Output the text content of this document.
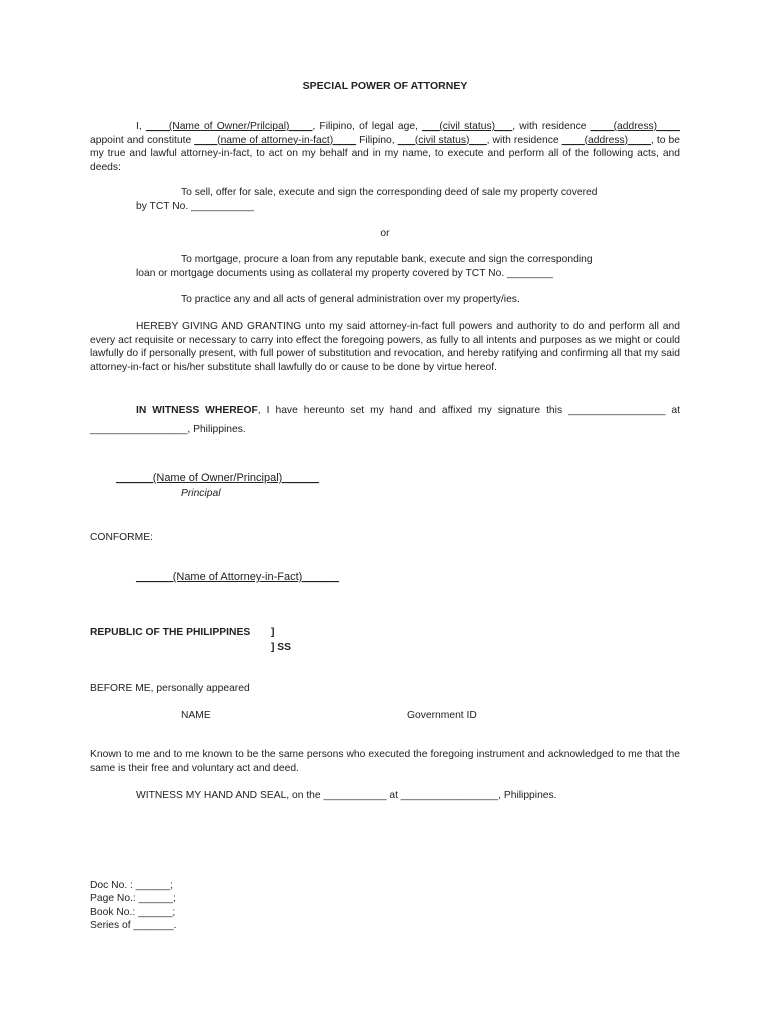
SPECIAL POWER OF ATTORNEY
I, ____(Name of Owner/Prilcipal)____, Filipino, of legal age, ___(civil status)___, with residence ____(address)____ appoint and constitute ____(name of attorney-in-fact)____ Filipino, ___(civil status)___, with residence ____(address)____, to be my true and lawful attorney-in-fact, to act on my behalf and in my name, to execute and perform all of the following acts, and deeds:
To sell, offer for sale, execute and sign the corresponding deed of sale my property covered
by TCT No. ___________
or
To mortgage, procure a loan from any reputable bank, execute and sign the corresponding
loan or mortgage documents using as collateral my property covered by TCT No. ________
To practice any and all acts of general administration over my property/ies.
HEREBY GIVING AND GRANTING unto my said attorney-in-fact full powers and authority to do and perform all and every act requisite or necessary to carry into effect the foregoing powers, as fully to all intents and purposes as we might or could lawfully do if personally present, with full power of substitution and revocation, and hereby ratifying and confirming all that my said attorney-in-fact or his/her substitute shall lawfully do or cause to be done by virtue hereof.
IN WITNESS WHEREOF, I have hereunto set my hand and affixed my signature this _________________ at
_________________, Philippines.
______(Name of Owner/Principal)______
Principal
CONFORME:
______(Name of Attorney-in-Fact)______
REPUBLIC OF THE PHILIPPINES	]
] SS
BEFORE ME, personally appeared
NAME	Government ID
Known to me and to me known to be the same persons who executed the foregoing instrument and acknowledged to me that the same is their free and voluntary act and deed.
WITNESS MY HAND AND SEAL, on the ___________ at _________________, Philippines.
Doc No. : ______;
Page No.: ______;
Book No.: ______;
Series of _______.
